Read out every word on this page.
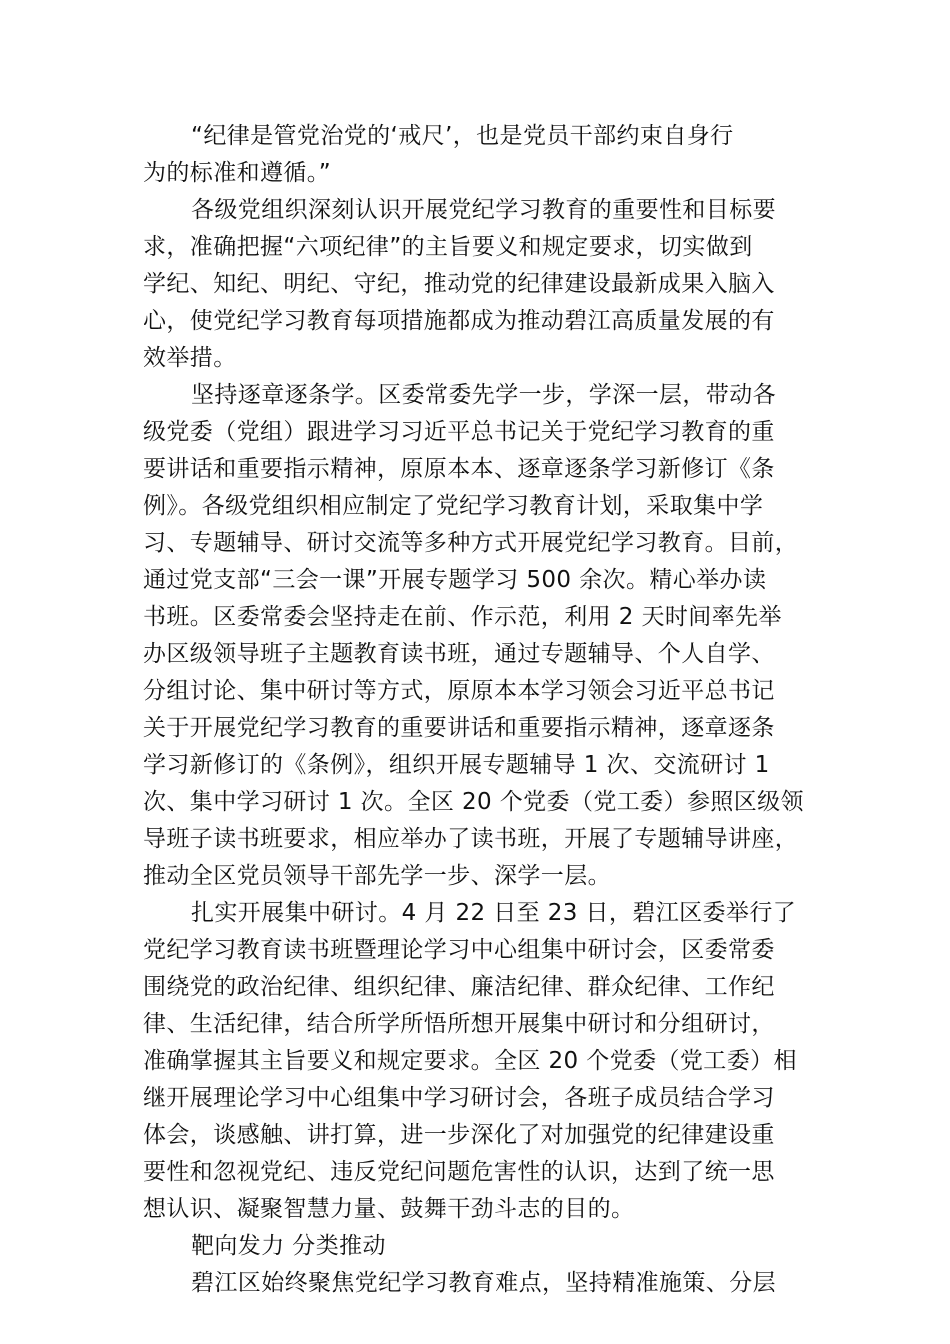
“纪律是管党治党的‘戒尺’，也是党员干部约束自身行
为的标准和遵循。”
各级党组织深刻认识开展党纪学习教育的重要性和目标要
求，准确把握“六项纪律”的主旨要义和规定要求，切实做到
学纪、知纪、明纪、守纪，推动党的纪律建设最新成果入脑入
心，使党纪学习教育每项措施都成为推动碧江高质量发展的有
效举措。
坚持逐章逐条学。区委常委先学一步，学深一层，带动各
级党委（党组）跟进学习习近平总书记关于党纪学习教育的重
要讲话和重要指示精神，原原本本、逐章逐条学习新修订《条
例》。各级党组织相应制定了党纪学习教育计划，采取集中学
习、专题辅导、研讨交流等多种方式开展党纪学习教育。目前，
通过党支部“三会一课”开展专题学习 500 余次。精心举办读
书班。区委常委会坚持走在前、作示范，利用 2 天时间率先举
办区级领导班子主题教育读书班，通过专题辅导、个人自学、
分组讨论、集中研讨等方式，原原本本学习领会习近平总书记
关于开展党纪学习教育的重要讲话和重要指示精神，逐章逐条
学习新修订的《条例》，组织开展专题辅导 1 次、交流研讨 1
次、集中学习研讨 1 次。全区 20 个党委（党工委）参照区级领
导班子读书班要求，相应举办了读书班，开展了专题辅导讲座，
推动全区党员领导干部先学一步、深学一层。
扎实开展集中研讨。4 月 22 日至 23 日，碧江区委举行了
党纪学习教育读书班暨理论学习中心组集中研讨会，区委常委
围绕党的政治纪律、组织纪律、廉洁纪律、群众纪律、工作纪
律、生活纪律，结合所学所悟所想开展集中研讨和分组研讨，
准确掌握其主旨要义和规定要求。全区 20 个党委（党工委）相
继开展理论学习中心组集中学习研讨会，各班子成员结合学习
体会，谈感触、讲打算，进一步深化了对加强党的纪律建设重
要性和忽视党纪、违反党纪问题危害性的认识，达到了统一思
想认识、凝聚智慧力量、鼓舞干劲斗志的目的。
靶向发力 分类推动
碧江区始终聚焦党纪学习教育难点，坚持精准施策、分层
